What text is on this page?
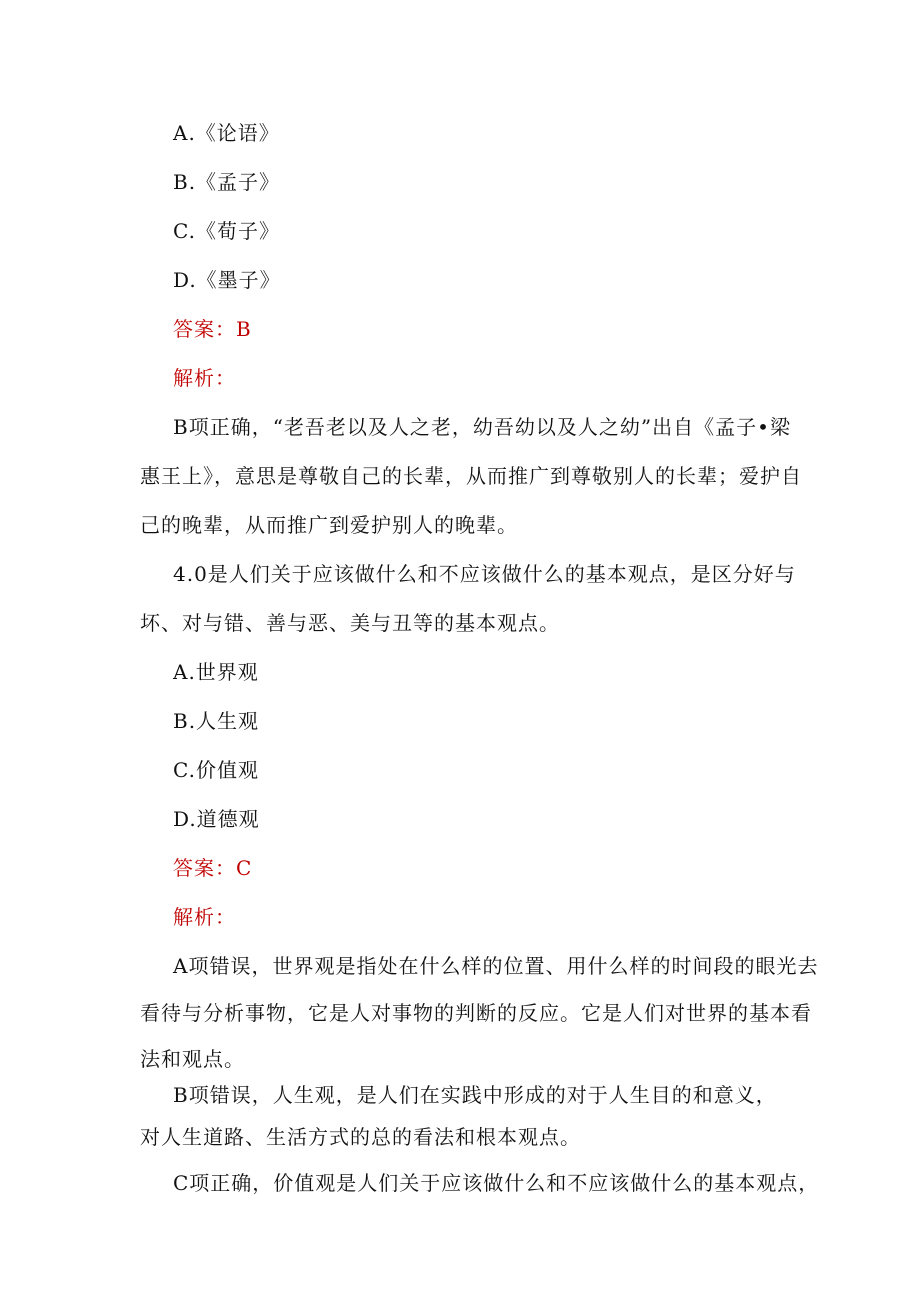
A.《论语》
B.《孟子》
C.《荀子》
D.《墨子》
答案：B
解析：
B项正确，“老吾老以及人之老，幼吾幼以及人之幼”出自《孟子•梁
惠王上》，意思是尊敬自己的长辈，从而推广到尊敬别人的长辈；爱护自
己的晚辈，从而推广到爱护别人的晚辈。
4.0是人们关于应该做什么和不应该做什么的基本观点，是区分好与
坏、对与错、善与恶、美与丑等的基本观点。
A.世界观
B.人生观
C.价值观
D.道德观
答案：C
解析：
A项错误，世界观是指处在什么样的位置、用什么样的时间段的眼光去
看待与分析事物，它是人对事物的判断的反应。它是人们对世界的基本看
法和观点。
B项错误，人生观，是人们在实践中形成的对于人生目的和意义，
对人生道路、生活方式的总的看法和根本观点。
C项正确，价值观是人们关于应该做什么和不应该做什么的基本观点，
